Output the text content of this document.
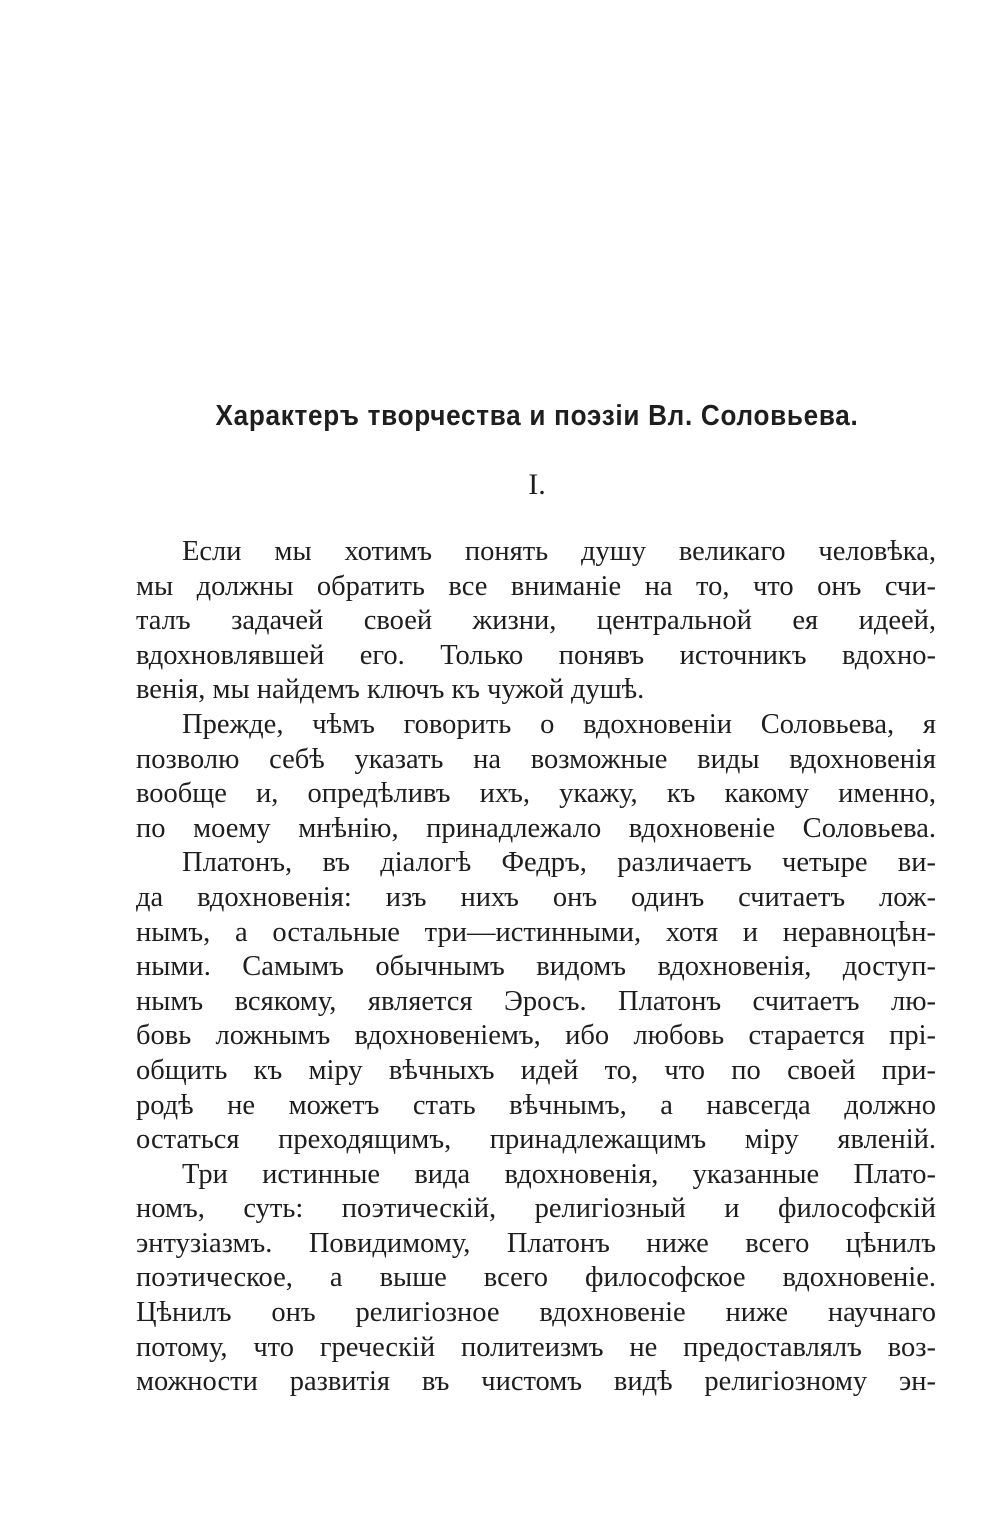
Характеръ творчества и поэзіи Вл. Соловьева.
I.

Если мы хотимъ понять душу великаго человѣка,
мы должны обратить все вниманіе на то, что онъ счи-
талъ задачей своей жизни, центральной ея идеей,
вдохновлявшей его. Только понявъ источникъ вдохно-
венія, мы найдемъ ключъ къ чужой душѣ.

Прежде, чѣмъ говорить о вдохновеніи Соловьева, я
позволю себѣ указать на возможные виды вдохновенія
вообще и, опредѣливъ ихъ, укажу, къ какому именно,
по моему мнѣнію, принадлежало вдохновеніе Соловьева.

Платонъ, въ діалогѣ Федръ, различаетъ четыре ви-
да вдохновенія: изъ нихъ онъ одинъ считаетъ лож-
нымъ, а остальные три—истинными, хотя и неравноцѣн-
ными. Самымъ обычнымъ видомъ вдохновенія, доступ-
нымъ всякому, является Эросъ. Платонъ считаетъ лю-
бовь ложнымъ вдохновеніемъ, ибо любовь старается прі-
общить къ міру вѣчныхъ идей то, что по своей при-
родѣ не можетъ стать вѣчнымъ, а навсегда должно
остаться преходящимъ, принадлежащимъ міру явленій.

Три истинные вида вдохновенія, указанные Плато-
номъ, суть: поэтическій, религіозный и философскій
энтузіазмъ. Повидимому, Платонъ ниже всего цѣнилъ
поэтическое, а выше всего философское вдохновеніе.
Цѣнилъ онъ религіозное вдохновеніе ниже научнаго
потому, что греческій политеизмъ не предоставлялъ воз-
можности развитія въ чистомъ видѣ религіозному эн-
